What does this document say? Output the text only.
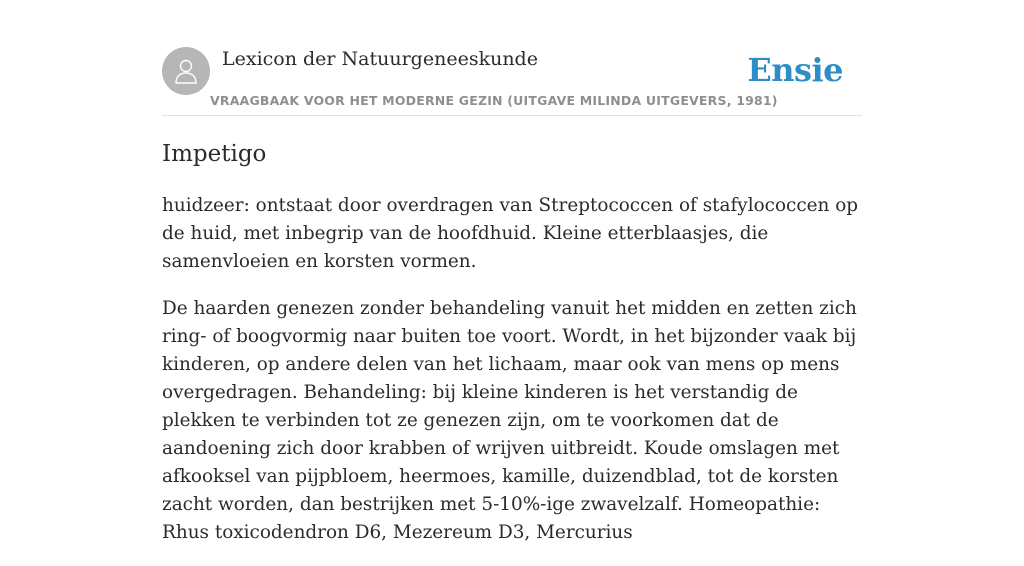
Lexicon der Natuurgeneeskunde
VRAAGBAAK VOOR HET MODERNE GEZIN (UITGAVE MILINDA UITGEVERS, 1981)
Ensie
Impetigo

huidzeer: ontstaat door overdragen van Streptococcen of stafylococcen op de huid, met inbegrip van de hoofdhuid. Kleine etterblaasjes, die samenvloeien en korsten vormen.

De haarden genezen zonder behandeling vanuit het midden en zetten zich ring- of boogvormig naar buiten toe voort. Wordt, in het bijzonder vaak bij kinderen, op andere delen van het lichaam, maar ook van mens op mens overgedragen. Behandeling: bij kleine kinderen is het verstandig de plekken te verbinden tot ze genezen zijn, om te voorkomen dat de aandoening zich door krabben of wrijven uitbreidt. Koude omslagen met afkooksel van pijpbloem, heermoes, kamille, duizendblad, tot de korsten zacht worden, dan bestrijken met 5-10%-ige zwavelzalf. Homeopathie: Rhus toxicodendron D6, Mezereum D3, Mercurius
